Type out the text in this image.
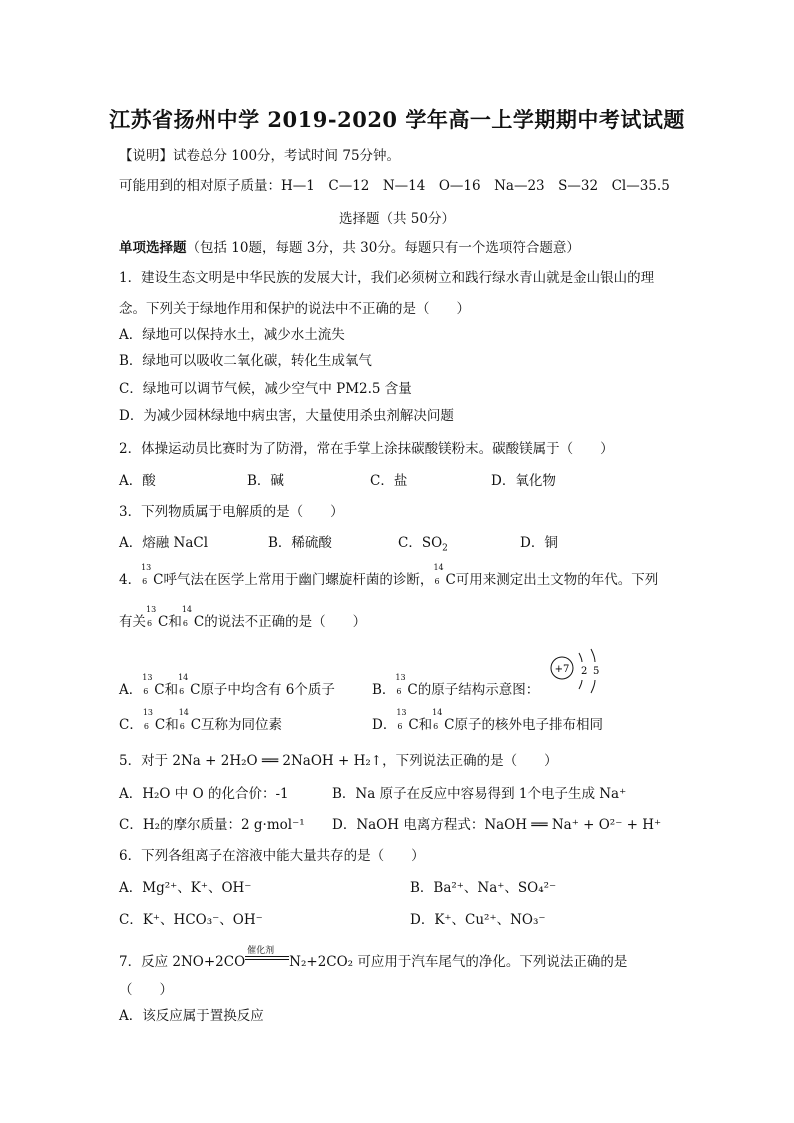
江苏省扬州中学 2019-2020 学年高一上学期期中考试试题
【说明】试卷总分 100分，考试时间 75分钟。
可能用到的相对原子质量：H—1　C—12　N—14　O—16　Na—23　S—32　Cl—35.5
选择题（共 50分）
单项选择题（包括 10题，每题 3分，共 30分。每题只有一个选项符合题意）
1．建设生态文明是中华民族的发展大计，我们必须树立和践行绿水青山就是金山银山的理
念。下列关于绿地作用和保护的说法中不正确的是（　　）
A．绿地可以保持水土，减少水土流失
B．绿地可以吸收二氧化碳，转化生成氧气
C．绿地可以调节气候，减少空气中 PM2.5 含量
D．为减少园林绿地中病虫害，大量使用杀虫剂解决问题
2．体操运动员比赛时为了防滑，常在手掌上涂抹碳酸镁粉末。碳酸镁属于（　　）
A．酸	B．碱	C．盐	D．氧化物
3．下列物质属于电解质的是（　　）
A．熔融 NaCl	B．稀硫酸	C．$SO_2$	D．铜
4．
13
6 C呼气法在医学上常用于幽门螺旋杆菌的诊断，
14
6 C可用来测定出土文物的年代。下列
有关
13
6 C和
14
6 C的说法不正确的是（　　）
A．
13
6 C和
14
6 C原子中均含有 6个质子	B．
13
6 C的原子结构示意图：
+7 2 5
C．
13
6 C和
14
6 C互称为同位素	D．
13
6 C和
14
6 C原子的核外电子排布相同
5．对于 2Na + 2H₂O ══ 2NaOH + H₂↑，下列说法正确的是（　　）
A．H₂O 中 O 的化合价：-1	B．Na 原子在反应中容易得到 1个电子生成 Na⁺
C．H₂的摩尔质量：2 g·mol⁻¹ D．NaOH 电离方程式：NaOH ══ Na⁺ + O²⁻ + H⁺
6．下列各组离子在溶液中能大量共存的是（　　）
A．Mg²⁺、K⁺、OH⁻	B．Ba²⁺、Na⁺、SO₄²⁻
C．K⁺、HCO₃⁻、OH⁻	D．K⁺、Cu²⁺、NO₃⁻
7．反应 2NO+2CO
催化剂
N₂+2CO₂ 可应用于汽车尾气的净化。下列说法正确的是
（　　）
A．该反应属于置换反应
